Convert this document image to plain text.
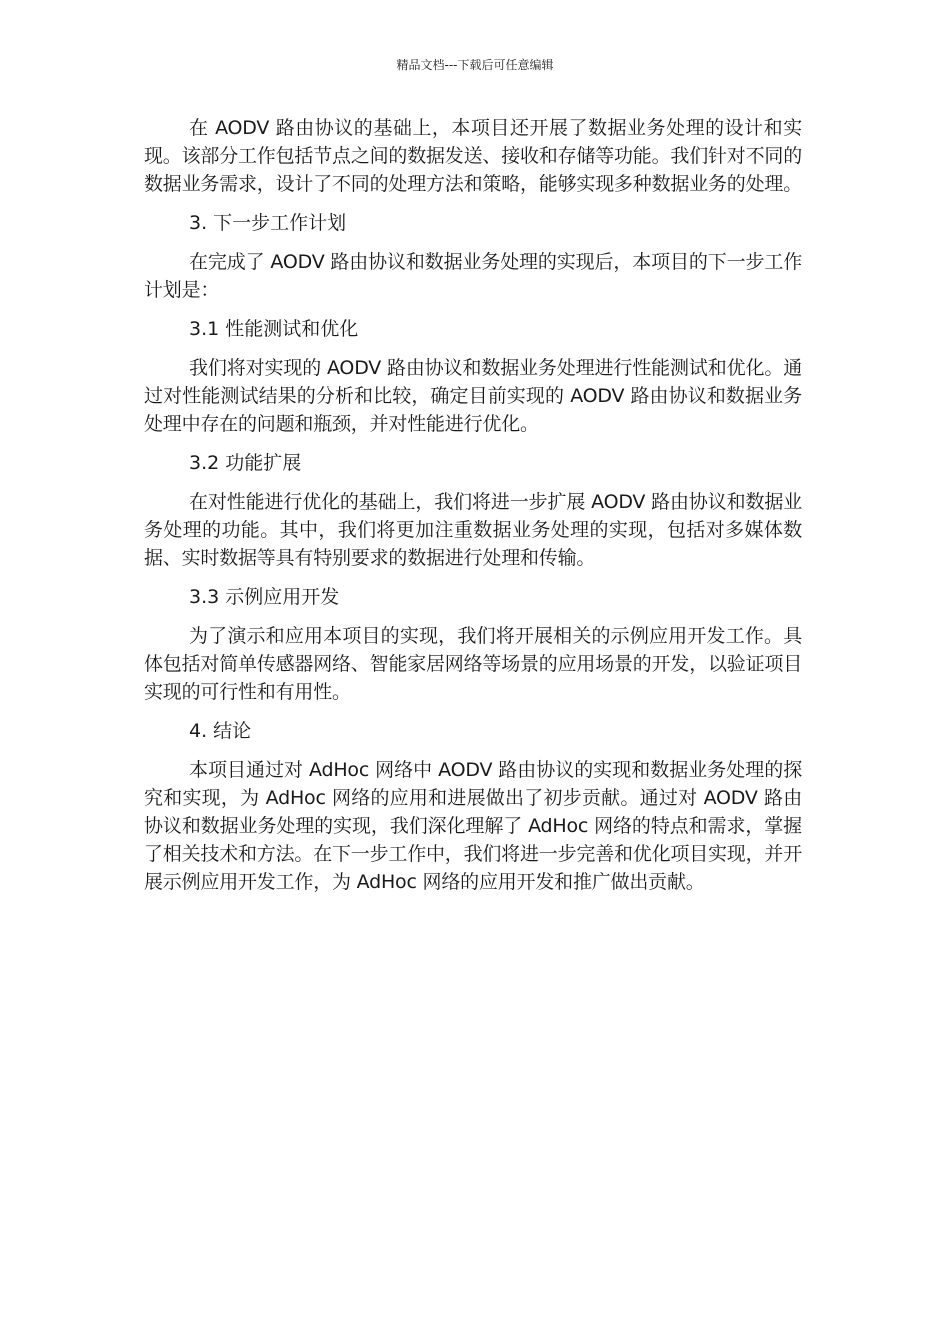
精品文档---下载后可任意编辑

在 AODV 路由协议的基础上，本项目还开展了数据业务处理的设计和实现。该部分工作包括节点之间的数据发送、接收和存储等功能。我们针对不同的数据业务需求，设计了不同的处理方法和策略，能够实现多种数据业务的处理。

3. 下一步工作计划

在完成了 AODV 路由协议和数据业务处理的实现后，本项目的下一步工作计划是：

3.1 性能测试和优化

我们将对实现的 AODV 路由协议和数据业务处理进行性能测试和优化。通过对性能测试结果的分析和比较，确定目前实现的 AODV 路由协议和数据业务处理中存在的问题和瓶颈，并对性能进行优化。

3.2 功能扩展

在对性能进行优化的基础上，我们将进一步扩展 AODV 路由协议和数据业务处理的功能。其中，我们将更加注重数据业务处理的实现，包括对多媒体数据、实时数据等具有特别要求的数据进行处理和传输。

3.3 示例应用开发

为了演示和应用本项目的实现，我们将开展相关的示例应用开发工作。具体包括对简单传感器网络、智能家居网络等场景的应用场景的开发，以验证项目实现的可行性和有用性。

4. 结论

本项目通过对 AdHoc 网络中 AODV 路由协议的实现和数据业务处理的探究和实现，为 AdHoc 网络的应用和进展做出了初步贡献。通过对 AODV 路由协议和数据业务处理的实现，我们深化理解了 AdHoc 网络的特点和需求，掌握了相关技术和方法。在下一步工作中，我们将进一步完善和优化项目实现，并开展示例应用开发工作，为 AdHoc 网络的应用开发和推广做出贡献。
